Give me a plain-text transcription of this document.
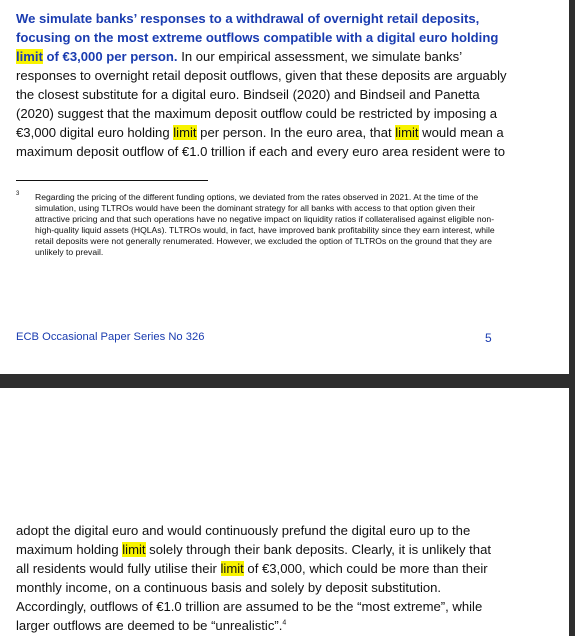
We simulate banks’ responses to a withdrawal of overnight retail deposits,
focusing on the most extreme outflows compatible with a digital euro holding
limit of €3,000 per person. In our empirical assessment, we simulate banks’
responses to overnight retail deposit outflows, given that these deposits are arguably
the closest substitute for a digital euro. Bindseil (2020) and Bindseil and Panetta
(2020) suggest that the maximum deposit outflow could be restricted by imposing a
€3,000 digital euro holding limit per person. In the euro area, that limit would mean a
maximum deposit outflow of €1.0 trillion if each and every euro area resident were to
3 Regarding the pricing of the different funding options, we deviated from the rates observed in 2021. At the time of the simulation, using TLTROs would have been the dominant strategy for all banks with access to that option given their attractive pricing and that such operations have no negative impact on liquidity ratios if collateralised against eligible non-high-quality liquid assets (HQLAs). TLTROs would, in fact, have improved bank profitability since they earn interest, while retail deposits were not generally renumerated. However, we excluded the option of TLTROs on the ground that they are unlikely to prevail.
ECB Occasional Paper Series No 326	5
adopt the digital euro and would continuously prefund the digital euro up to the
maximum holding limit solely through their bank deposits. Clearly, it is unlikely that
all residents would fully utilise their limit of €3,000, which could be more than their
monthly income, on a continuous basis and solely by deposit substitution.
Accordingly, outflows of €1.0 trillion are assumed to be the “most extreme”, while
larger outflows are deemed to be “unrealistic”.$^4$
